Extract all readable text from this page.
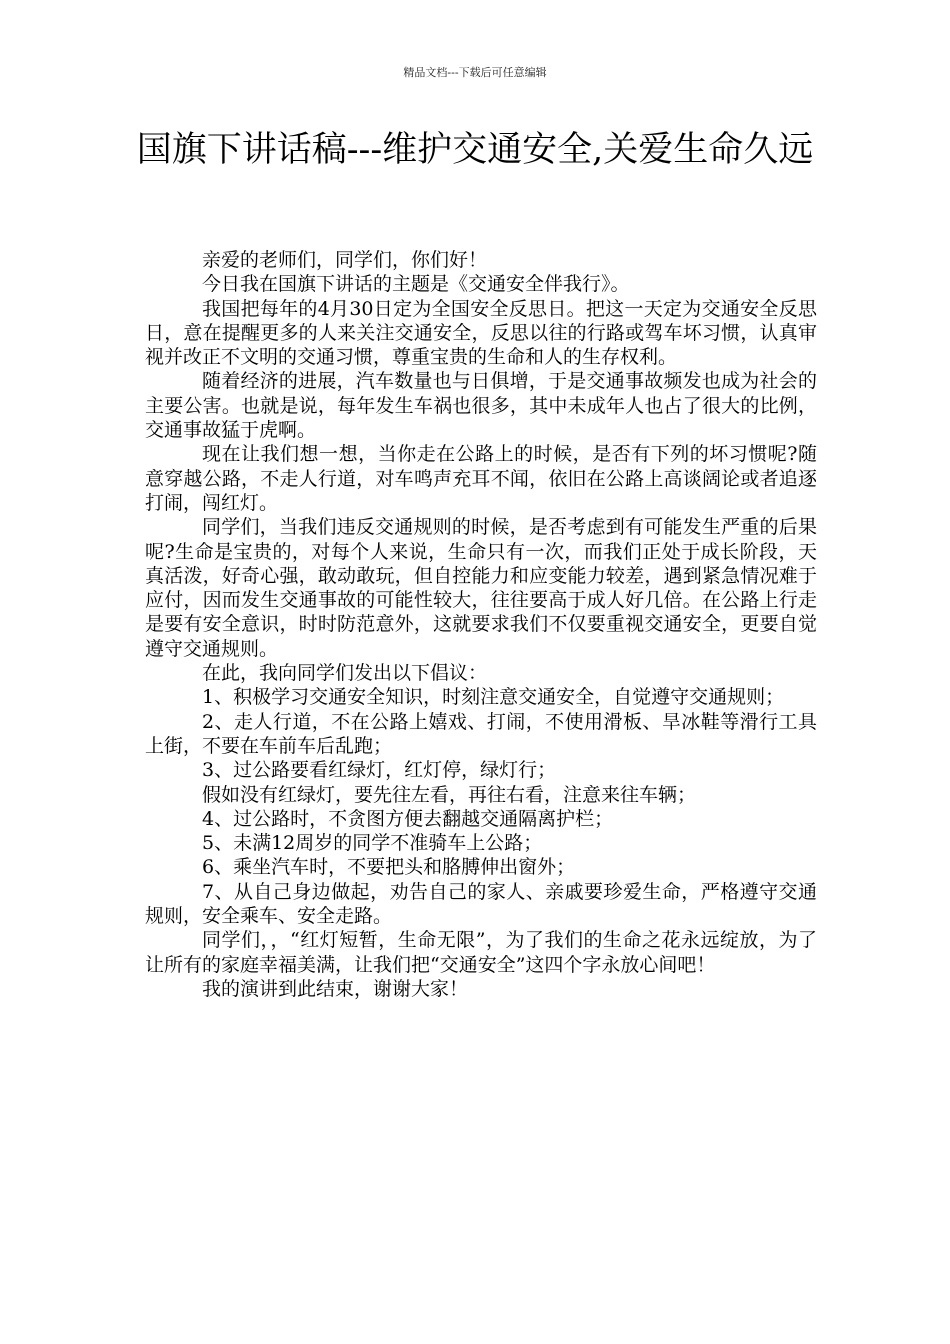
精品文档---下载后可任意编辑
国旗下讲话稿---维护交通安全,关爱生命久远

亲爱的老师们，同学们，你们好！

今日我在国旗下讲话的主题是《交通安全伴我行》。

我国把每年的4月30日定为全国安全反思日。把这一天定为交通安全反思日，意在提醒更多的人来关注交通安全，反思以往的行路或驾车坏习惯，认真审视并改正不文明的交通习惯，尊重宝贵的生命和人的生存权利。

随着经济的进展，汽车数量也与日俱增，于是交通事故频发也成为社会的主要公害。也就是说，每年发生车祸也很多，其中未成年人也占了很大的比例，交通事故猛于虎啊。

现在让我们想一想，当你走在公路上的时候，是否有下列的坏习惯呢?随意穿越公路，不走人行道，对车鸣声充耳不闻，依旧在公路上高谈阔论或者追逐打闹，闯红灯。

同学们，当我们违反交通规则的时候，是否考虑到有可能发生严重的后果呢?生命是宝贵的，对每个人来说，生命只有一次，而我们正处于成长阶段，天真活泼，好奇心强，敢动敢玩，但自控能力和应变能力较差，遇到紧急情况难于应付，因而发生交通事故的可能性较大，往往要高于成人好几倍。在公路上行走是要有安全意识，时时防范意外，这就要求我们不仅要重视交通安全，更要自觉遵守交通规则。

在此，我向同学们发出以下倡议：

1、积极学习交通安全知识，时刻注意交通安全，自觉遵守交通规则；

2、走人行道，不在公路上嬉戏、打闹，不使用滑板、旱冰鞋等滑行工具上街，不要在车前车后乱跑；

3、过公路要看红绿灯，红灯停，绿灯行；

假如没有红绿灯，要先往左看，再往右看，注意来往车辆；

4、过公路时，不贪图方便去翻越交通隔离护栏；

5、未满12周岁的同学不准骑车上公路；

6、乘坐汽车时，不要把头和胳膊伸出窗外；

7、从自己身边做起，劝告自己的家人、亲戚要珍爱生命，严格遵守交通规则，安全乘车、安全走路。

同学们，，“红灯短暂，生命无限”，为了我们的生命之花永远绽放，为了让所有的家庭幸福美满，让我们把“交通安全”这四个字永放心间吧！

我的演讲到此结束，谢谢大家！
